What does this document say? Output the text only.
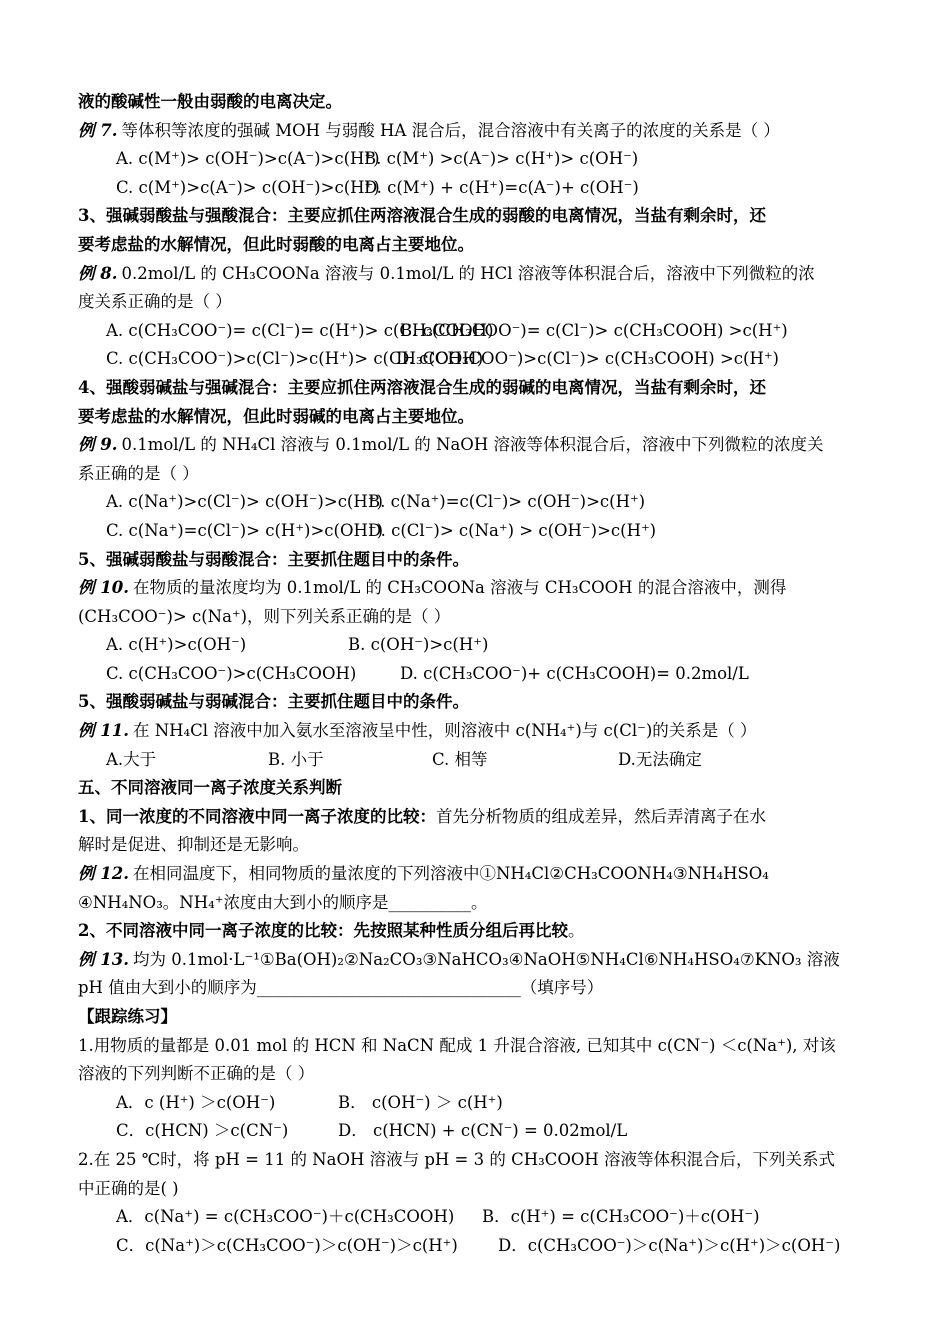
液的酸碱性一般由弱酸的电离决定。
例 7. 等体积等浓度的强碱 MOH 与弱酸 HA 混合后，混合溶液中有关离子的浓度的关系是（ ）
A. c(M⁺)> c(OH⁻)>c(A⁻)>c(H⁺)B. c(M⁺) >c(A⁻)> c(H⁺)> c(OH⁻)
C. c(M⁺)>c(A⁻)> c(OH⁻)>c(H⁺)D. c(M⁺) + c(H⁺)=c(A⁻)+ c(OH⁻)
3、强碱弱酸盐与强酸混合：主要应抓住两溶液混合生成的弱酸的电离情况，当盐有剩余时，还
要考虑盐的水解情况，但此时弱酸的电离占主要地位。
例 8. 0.2mol/L 的 CH₃COONa 溶液与 0.1mol/L 的 HCl 溶液等体积混合后，溶液中下列微粒的浓
度关系正确的是（ ）
A. c(CH₃COO⁻)= c(Cl⁻)= c(H⁺)> c(CH₃COOH)B. c(CH₃COO⁻)= c(Cl⁻)> c(CH₃COOH) >c(H⁺)
C. c(CH₃COO⁻)>c(Cl⁻)>c(H⁺)> c(CH₃COOH)D. c(CH₃COO⁻)>c(Cl⁻)> c(CH₃COOH) >c(H⁺)
4、强酸弱碱盐与强碱混合：主要应抓住两溶液混合生成的弱碱的电离情况，当盐有剩余时，还
要考虑盐的水解情况，但此时弱碱的电离占主要地位。
例 9. 0.1mol/L 的 NH₄Cl 溶液与 0.1mol/L 的 NaOH 溶液等体积混合后，溶液中下列微粒的浓度关
系正确的是（ ）
A. c(Na⁺)>c(Cl⁻)> c(OH⁻)>c(H⁺)B. c(Na⁺)=c(Cl⁻)> c(OH⁻)>c(H⁺)
C. c(Na⁺)=c(Cl⁻)> c(H⁺)>c(OH⁻)D. c(Cl⁻)> c(Na⁺) > c(OH⁻)>c(H⁺)
5、强碱弱酸盐与弱酸混合：主要抓住题目中的条件。
例 10. 在物质的量浓度均为 0.1mol/L 的 CH₃COONa 溶液与 CH₃COOH 的混合溶液中，测得
(CH₃COO⁻)> c(Na⁺)，则下列关系正确的是（ ）
A. c(H⁺)>c(OH⁻)	B. c(OH⁻)>c(H⁺)
C. c(CH₃COO⁻)>c(CH₃COOH)	D. c(CH₃COO⁻)+ c(CH₃COOH)= 0.2mol/L
5、强酸弱碱盐与弱碱混合：主要抓住题目中的条件。
例 11. 在 NH₄Cl 溶液中加入氨水至溶液呈中性，则溶液中 c(NH₄⁺)与 c(Cl⁻)的关系是（ ）
A.大于	B. 小于	C. 相等	D.无法确定
五、不同溶液同一离子浓度关系判断
1、同一浓度的不同溶液中同一离子浓度的比较：首先分析物质的组成差异，然后弄清离子在水
解时是促进、抑制还是无影响。
例 12. 在相同温度下，相同物质的量浓度的下列溶液中①NH₄Cl②CH₃COONH₄③NH₄HSO₄
④NH₄NO₃。NH₄⁺浓度由大到小的顺序是__________。
2、不同溶液中同一离子浓度的比较：先按照某种性质分组后再比较。
例 13. 均为 0.1mol·L⁻¹①Ba(OH)₂②Na₂CO₃③NaHCO₃④NaOH⑤NH₄Cl⑥NH₄HSO₄⑦KNO₃ 溶液
pH 值由大到小的顺序为________________________________（填序号）
【跟踪练习】
1.用物质的量都是 0.01 mol 的 HCN 和 NaCN 配成 1 升混合溶液, 已知其中 c(CN⁻) ＜c(Na⁺), 对该
溶液的下列判断不正确的是（ ）
A．c (H⁺) ＞c(OH⁻)	B． c(OH⁻) ＞ c(H⁺)
C．c(HCN) ＞c(CN⁻)	D． c(HCN) + c(CN⁻) = 0.02mol/L
2.在 25 ℃时，将 pH = 11 的 NaOH 溶液与 pH = 3 的 CH₃COOH 溶液等体积混合后，下列关系式
中正确的是( )
A．c(Na⁺) = c(CH₃COO⁻)＋c(CH₃COOH) B．c(H⁺) = c(CH₃COO⁻)＋c(OH⁻)
C．c(Na⁺)＞c(CH₃COO⁻)＞c(OH⁻)＞c(H⁺) D．c(CH₃COO⁻)＞c(Na⁺)＞c(H⁺)＞c(OH⁻)
